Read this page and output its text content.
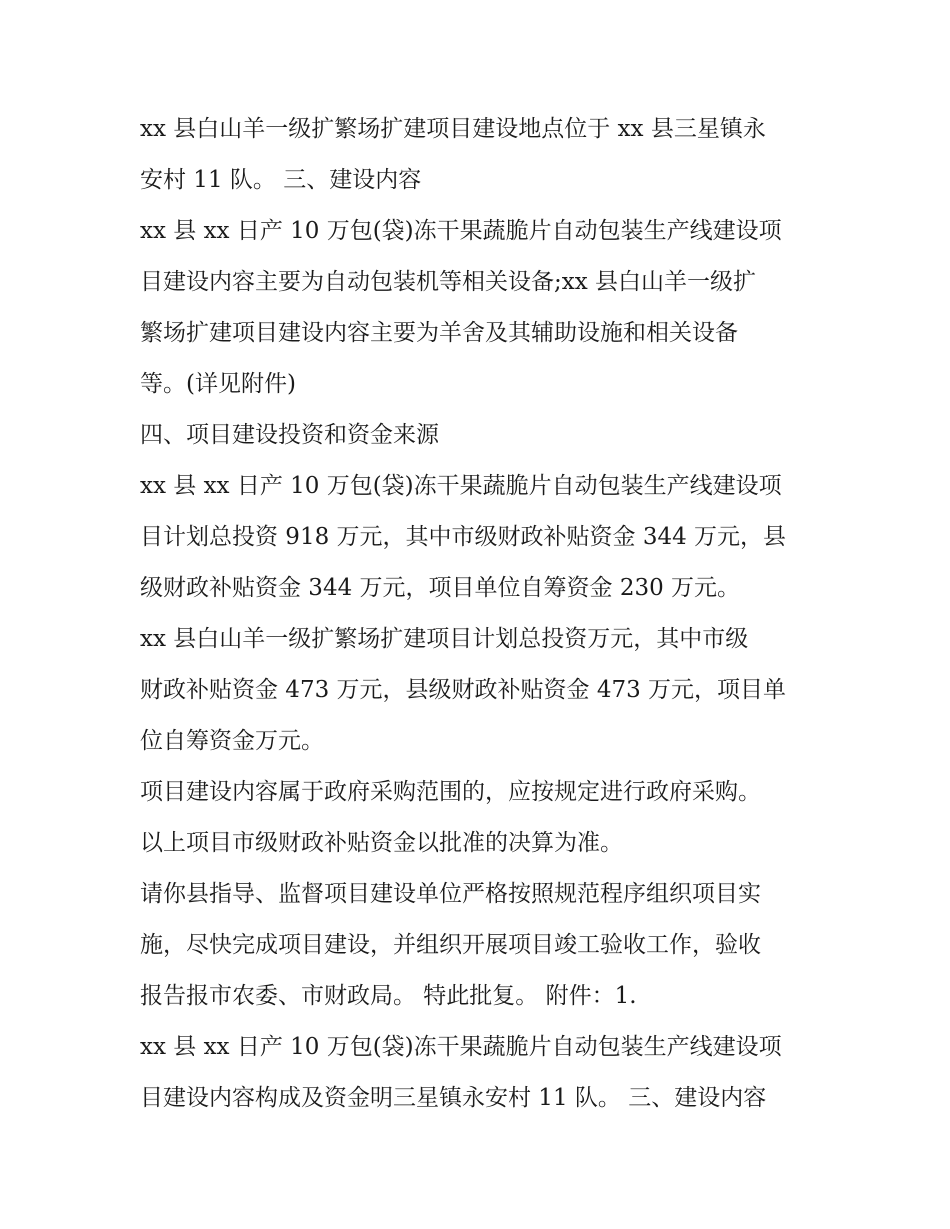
xx 县白山羊一级扩繁场扩建项目建设地点位于 xx 县三星镇永
安村 11 队。 三、建设内容
xx 县 xx 日产 10 万包(袋)冻干果蔬脆片自动包装生产线建设项
目建设内容主要为自动包装机等相关设备;xx 县白山羊一级扩
繁场扩建项目建设内容主要为羊舍及其辅助设施和相关设备
等。(详见附件)
四、项目建设投资和资金来源
xx 县 xx 日产 10 万包(袋)冻干果蔬脆片自动包装生产线建设项
目计划总投资 918 万元，其中市级财政补贴资金 344 万元，县
级财政补贴资金 344 万元，项目单位自筹资金 230 万元。
xx 县白山羊一级扩繁场扩建项目计划总投资万元，其中市级
财政补贴资金 473 万元，县级财政补贴资金 473 万元，项目单
位自筹资金万元。
项目建设内容属于政府采购范围的，应按规定进行政府采购。
以上项目市级财政补贴资金以批准的决算为准。
请你县指导、监督项目建设单位严格按照规范程序组织项目实
施，尽快完成项目建设，并组织开展项目竣工验收工作，验收
报告报市农委、市财政局。 特此批复。 附件：1.
xx 县 xx 日产 10 万包(袋)冻干果蔬脆片自动包装生产线建设项
目建设内容构成及资金明三星镇永安村 11 队。 三、建设内容
